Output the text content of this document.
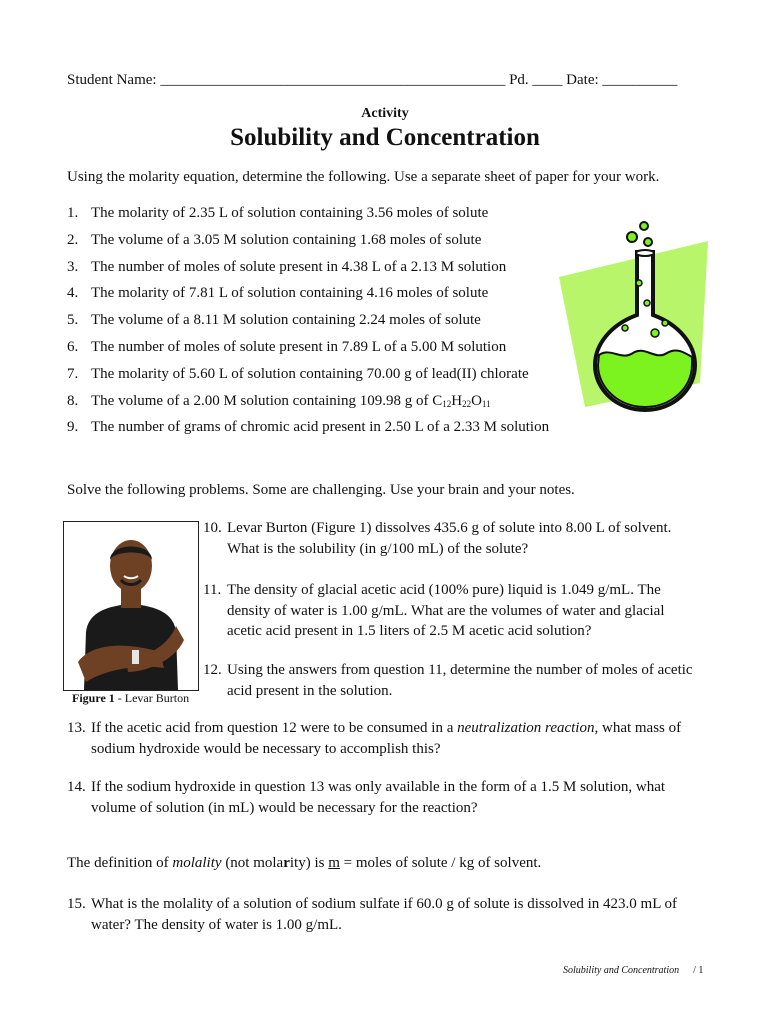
Student Name: ______________________________________________ Pd. ____ Date: __________
Activity
Solubility and Concentration
Using the molarity equation, determine the following. Use a separate sheet of paper for your work.
1. The molarity of 2.35 L of solution containing 3.56 moles of solute
2. The volume of a 3.05 M solution containing 1.68 moles of solute
3. The number of moles of solute present in 4.38 L of a 2.13 M solution
4. The molarity of 7.81 L of solution containing 4.16 moles of solute
5. The volume of a 8.11 M solution containing 2.24 moles of solute
6. The number of moles of solute present in 7.89 L of a 5.00 M solution
7. The molarity of 5.60 L of solution containing 70.00 g of lead(II) chlorate
8. The volume of a 2.00 M solution containing 109.98 g of $C_{12}H_{22}O_{11}$
9. The number of grams of chromic acid present in 2.50 L of a 2.33 M solution
Solve the following problems. Some are challenging. Use your brain and your notes.
Figure 1 - Levar Burton
10. Levar Burton (Figure 1) dissolves 435.6 g of solute into 8.00 L of solvent.
What is the solubility (in g/100 mL) of the solute?
11. The density of glacial acetic acid (100% pure) liquid is 1.049 g/mL. The
density of water is 1.00 g/mL. What are the volumes of water and glacial
acetic acid present in 1.5 liters of 2.5 M acetic acid solution?
12. Using the answers from question 11, determine the number of moles of acetic
acid present in the solution.
13. If the acetic acid from question 12 were to be consumed in a neutralization reaction, what mass of
sodium hydroxide would be necessary to accomplish this?
14. If the sodium hydroxide in question 13 was only available in the form of a 1.5 M solution, what
volume of solution (in mL) would be necessary for the reaction?
The definition of molality (not molarity) is m = moles of solute / kg of solvent.
15. What is the molality of a solution of sodium sulfate if 60.0 g of solute is dissolved in 423.0 mL of
water? The density of water is 1.00 g/mL.
Solubility and Concentration / 1
